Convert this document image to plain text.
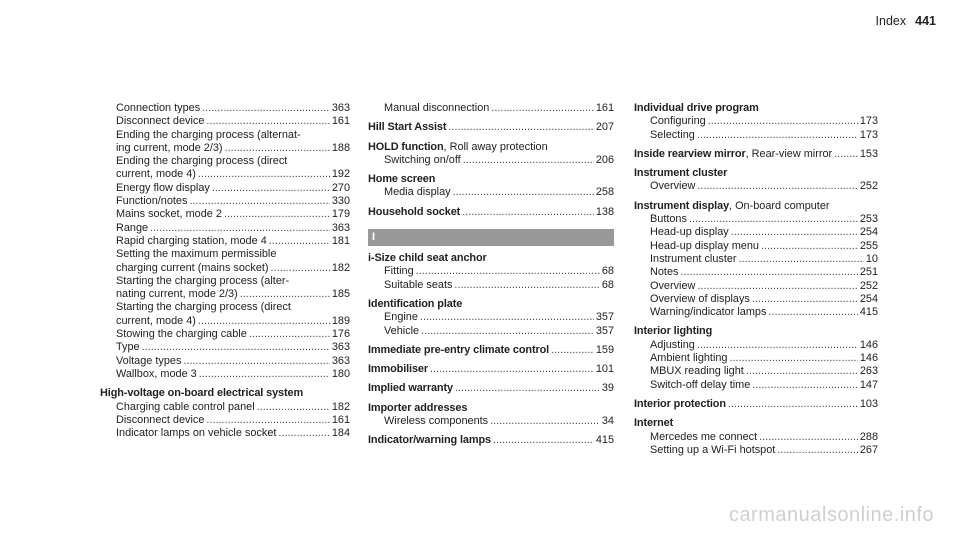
Index 441
Connection types .....	363
Disconnect device .....	161
Ending the charging process (alternat-
ing current, mode 2/3) .....	188
Ending the charging process (direct
current, mode 4) .....	192
Energy flow display .....	270
Function/notes .....	330
Mains socket, mode 2 .....	179
Range .....	363
Rapid charging station, mode 4 .....	181
Setting the maximum permissible
charging current (mains socket) .....	182
Starting the charging process (alter-
nating current, mode 2/3) .....	185
Starting the charging process (direct
current, mode 4) .....	189
Stowing the charging cable .....	176
Type .....	363
Voltage types .....	363
Wallbox, mode 3 .....	180
High-voltage on-board electrical system
Charging cable control panel .....	182
Disconnect device .....	161
Indicator lamps on vehicle socket .....	184
Manual disconnection .....	161
Hill Start Assist .....	207
HOLD function, Roll away protection
Switching on/off .....	206
Home screen
Media display .....	258
Household socket .....	138
I
i-Size child seat anchor
Fitting .....	68
Suitable seats .....	68
Identification plate
Engine .....	357
Vehicle .....	357
Immediate pre-entry climate control .....	159
Immobiliser .....	101
Implied warranty .....	39
Importer addresses
Wireless components .....	34
Indicator/warning lamps .....	415
Individual drive program
Configuring .....	173
Selecting .....	173
Inside rearview mirror, Rear-view mirror .....	153
Instrument cluster
Overview .....	252
Instrument display, On-board computer
Buttons .....	253
Head-up display .....	254
Head-up display menu .....	255
Instrument cluster .....	10
Notes .....	251
Overview .....	252
Overview of displays .....	254
Warning/indicator lamps .....	415
Interior lighting
Adjusting .....	146
Ambient lighting .....	146
MBUX reading light .....	263
Switch-off delay time .....	147
Interior protection .....	103
Internet
Mercedes me connect .....	288
Setting up a Wi-Fi hotspot .....	267
carmanualsonline.info
